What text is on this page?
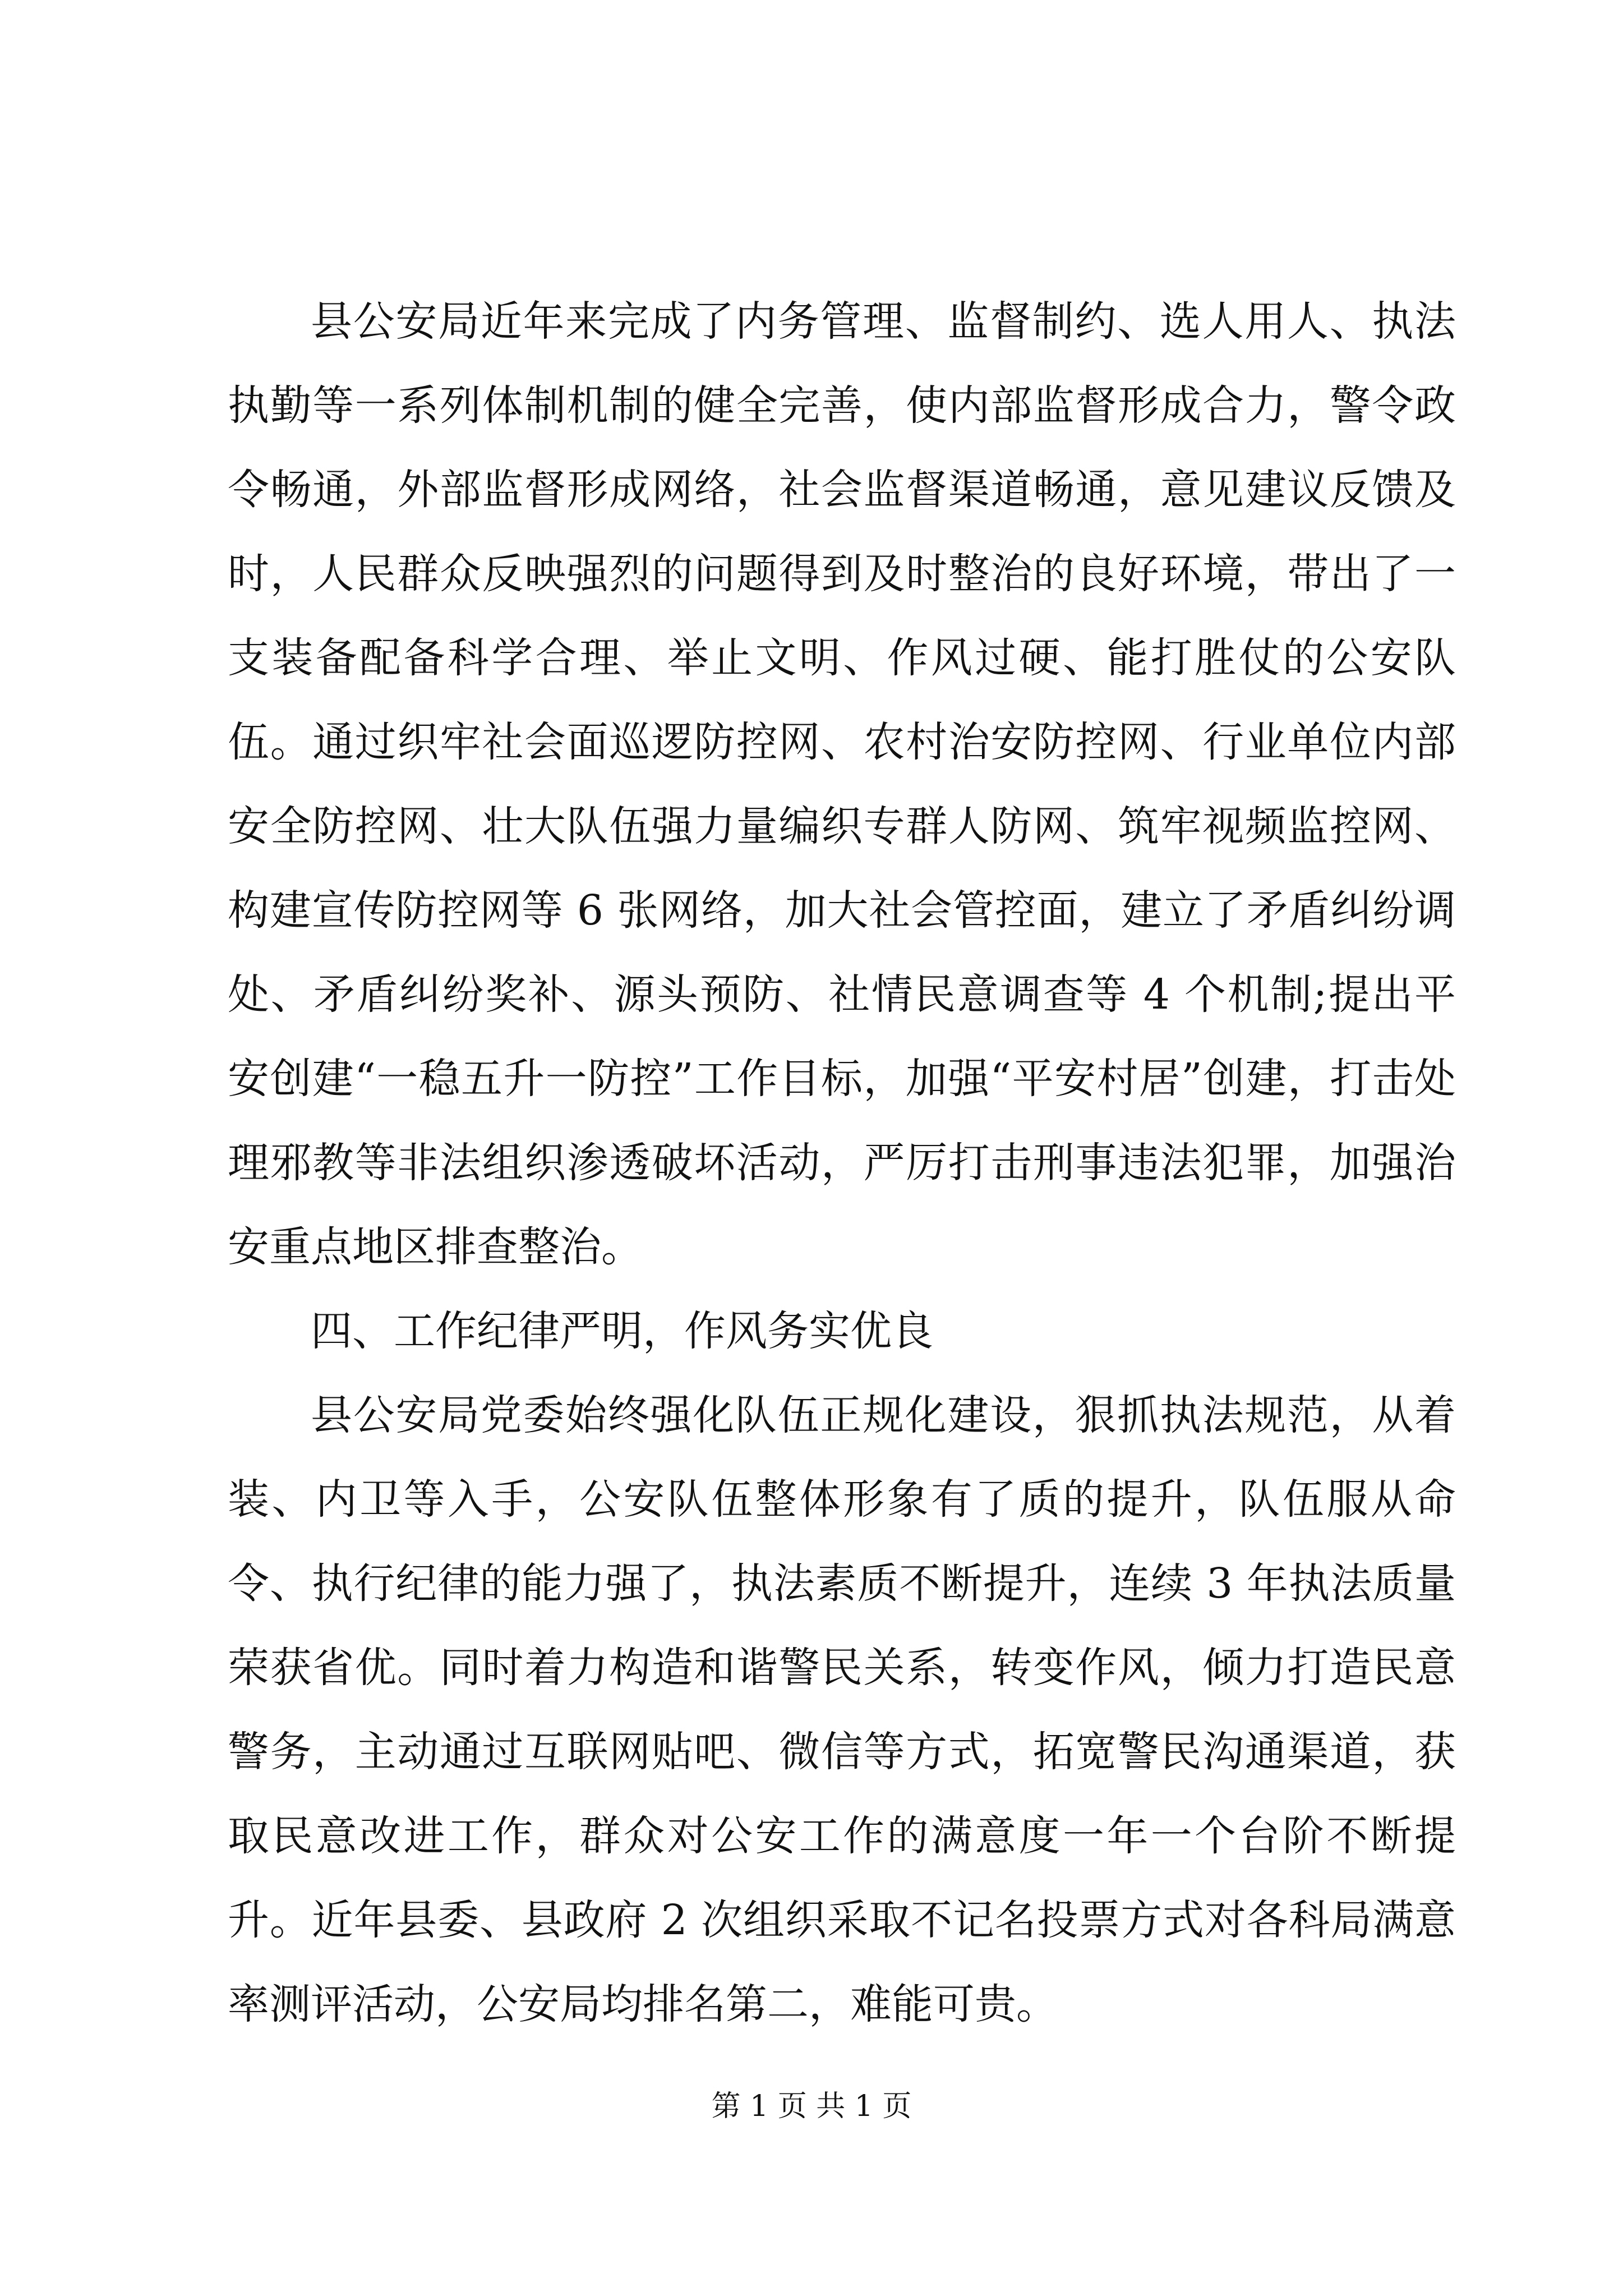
县公安局近年来完成了内务管理、监督制约、选人用人、执法执勤等一系列体制机制的健全完善，使内部监督形成合力，警令政令畅通，外部监督形成网络，社会监督渠道畅通，意见建议反馈及时，人民群众反映强烈的问题得到及时整治的良好环境，带出了一支装备配备科学合理、举止文明、作风过硬、能打胜仗的公安队伍。通过织牢社会面巡逻防控网、农村治安防控网、行业单位内部安全防控网、壮大队伍强力量编织专群人防网、筑牢视频监控网、构建宣传防控网等 6 张网络，加大社会管控面，建立了矛盾纠纷调处、矛盾纠纷奖补、源头预防、社情民意调查等 4 个机制;提出平安创建“一稳五升一防控”工作目标，加强“平安村居”创建，打击处理邪教等非法组织渗透破坏活动，严厉打击刑事违法犯罪，加强治安重点地区排查整治。

四、工作纪律严明，作风务实优良

县公安局党委始终强化队伍正规化建设，狠抓执法规范，从着装、内卫等入手，公安队伍整体形象有了质的提升，队伍服从命令、执行纪律的能力强了，执法素质不断提升，连续 3 年执法质量荣获省优。同时着力构造和谐警民关系，转变作风，倾力打造民意警务，主动通过互联网贴吧、微信等方式，拓宽警民沟通渠道，获取民意改进工作，群众对公安工作的满意度一年一个台阶不断提升。近年县委、县政府 2 次组织采取不记名投票方式对各科局满意率测评活动，公安局均排名第二，难能可贵。

第 1 页 共 1 页
